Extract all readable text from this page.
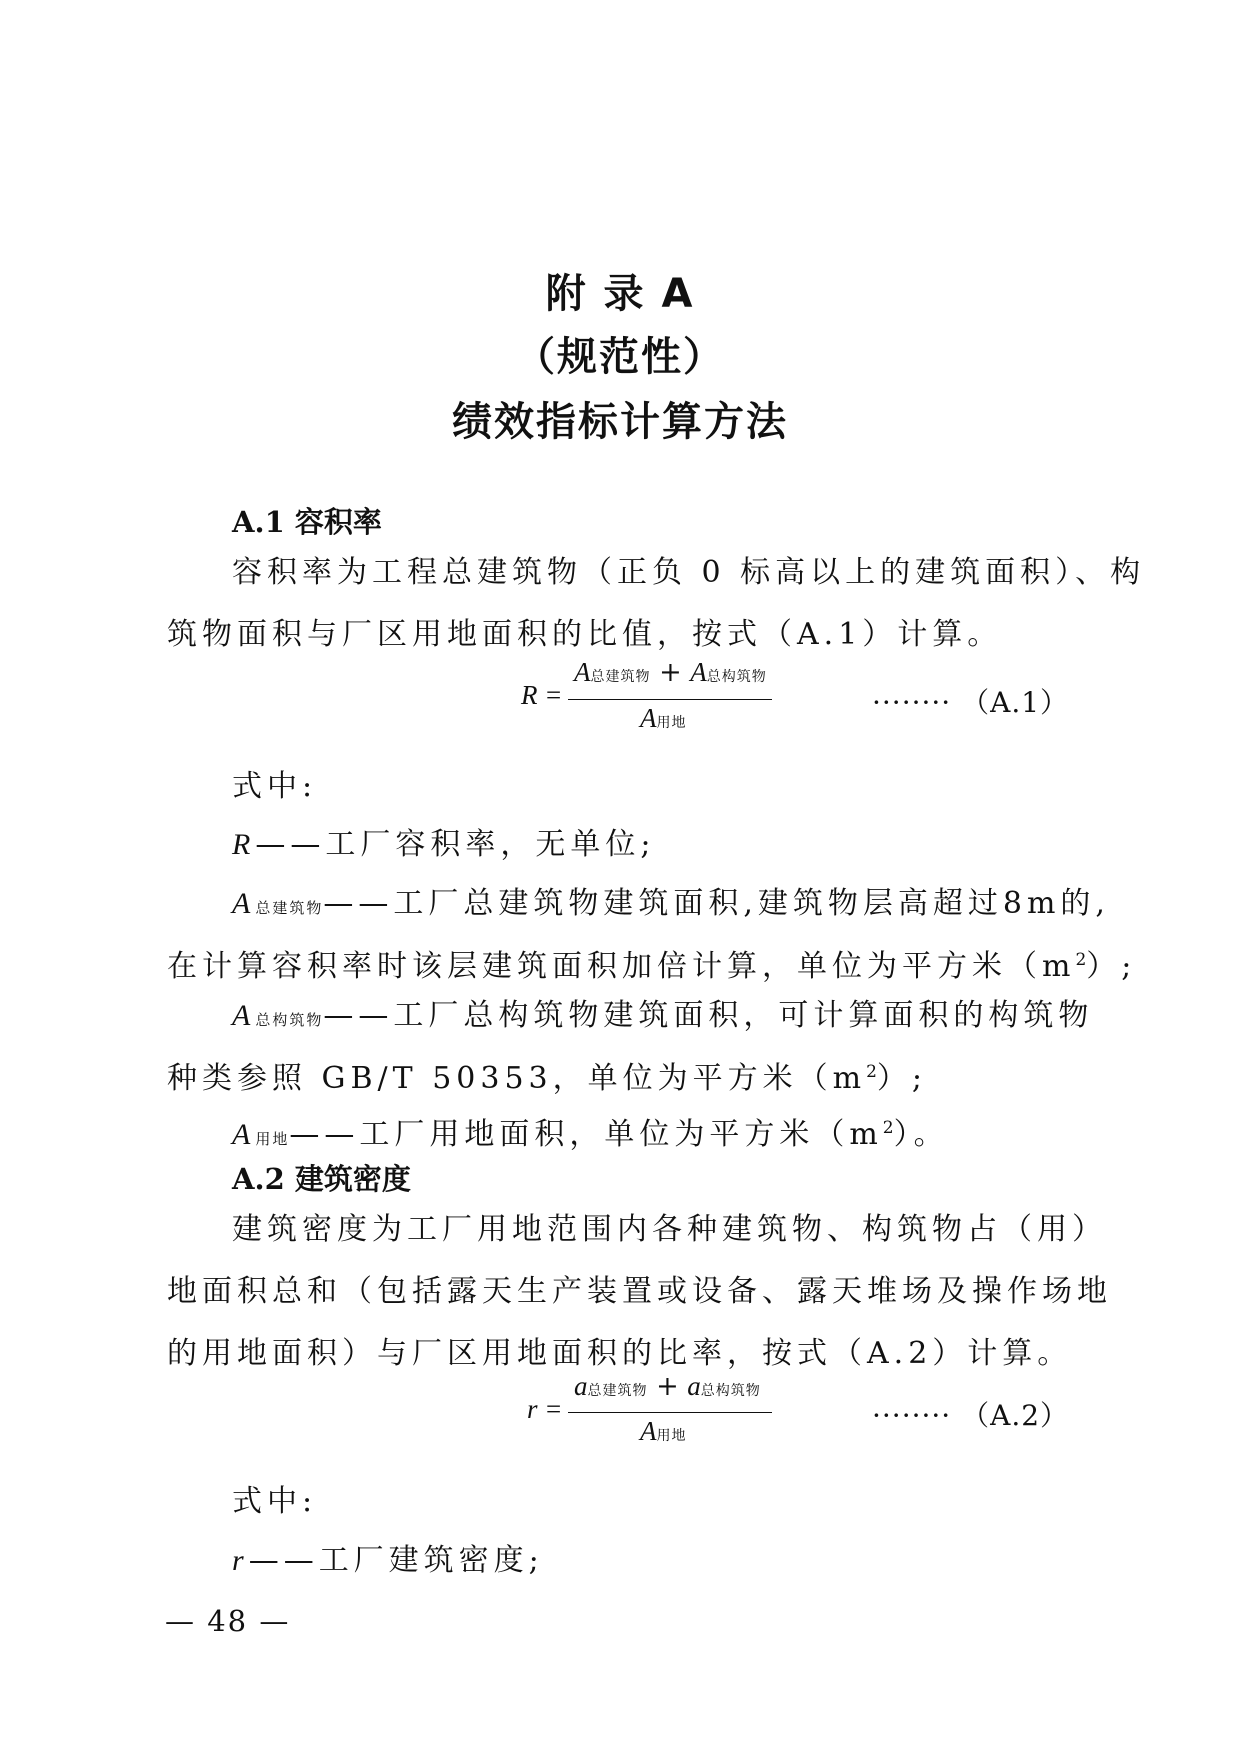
附 录 A
（规范性）
绩效指标计算方法
A.1 容积率
容积率为工程总建筑物（正负 0 标高以上的建筑面积）、构
筑物面积与厂区用地面积的比值，按式（A.1）计算。
R =
A总建筑物 + A总构筑物
A用地
········ （A.1）
式中:
R——工厂容积率，无单位;
A总建筑物——工厂总建筑物建筑面积,建筑物层高超过8m的,
在计算容积率时该层建筑面积加倍计算，单位为平方米$(m^2)$;
A总构筑物——工厂总构筑物建筑面积，可计算面积的构筑物
种类参照 GB/T 50353，单位为平方米$(m^2)$;
A用地——工厂用地面积，单位为平方米$(m^2)$。
A.2 建筑密度
建筑密度为工厂用地范围内各种建筑物、构筑物占（用）
地面积总和（包括露天生产装置或设备、露天堆场及操作场地
的用地面积）与厂区用地面积的比率，按式（A.2）计算。
r =
a总建筑物 + a总构筑物
A用地
········ （A.2）
式中:
r——工厂建筑密度;
— 48 —
